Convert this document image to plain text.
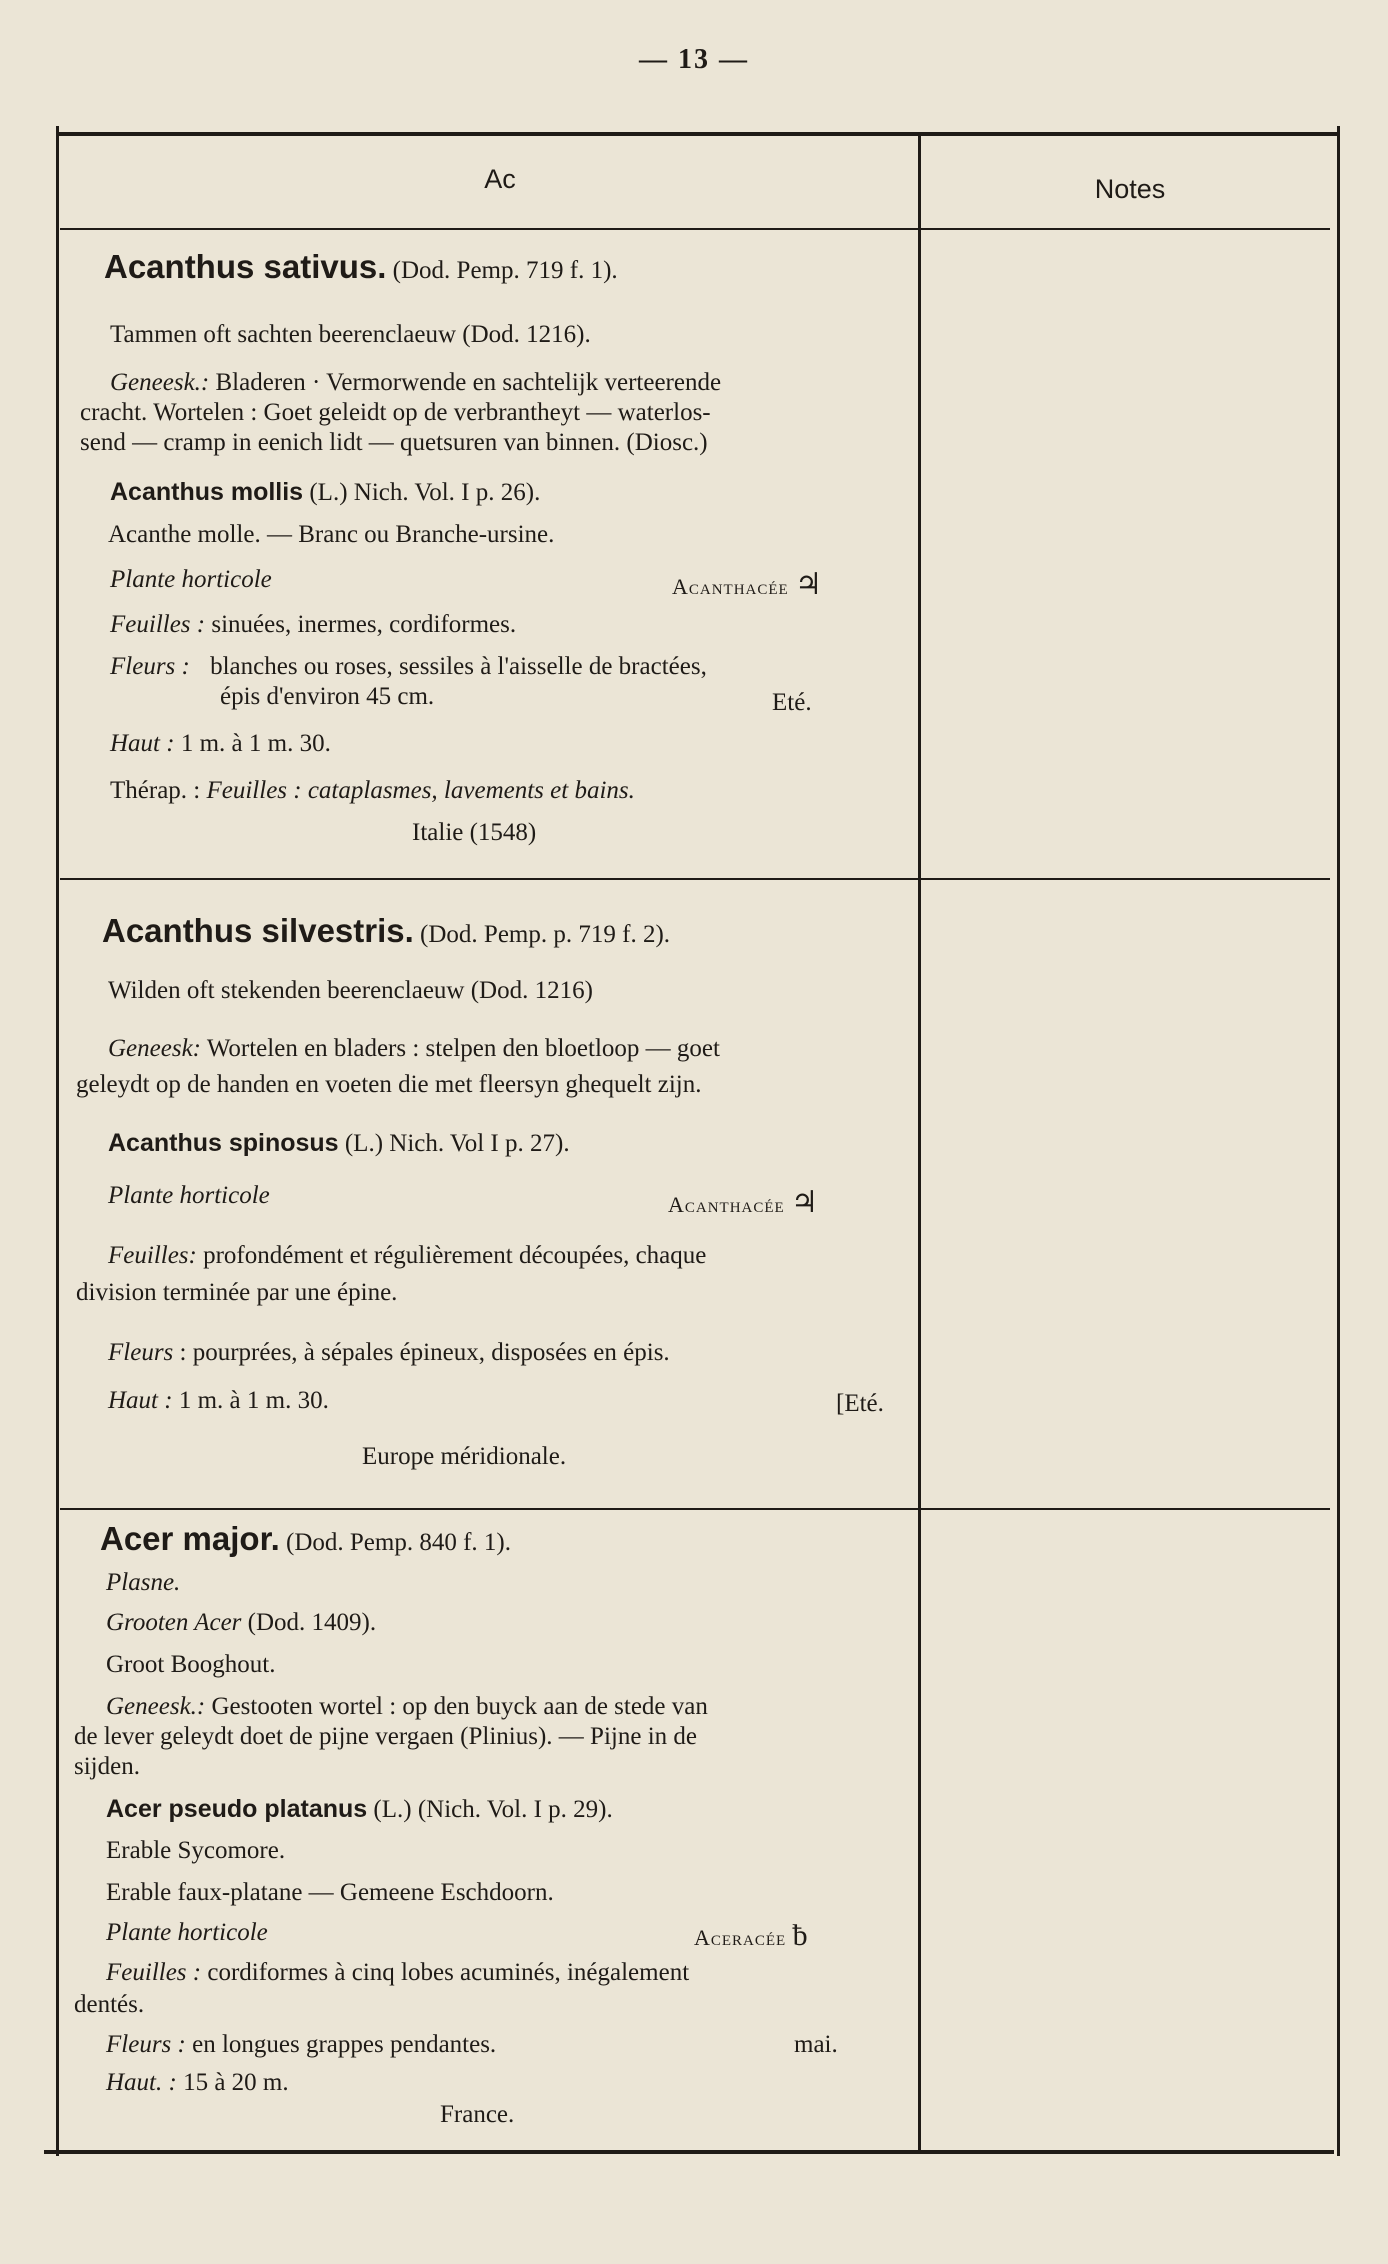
— 13 —
Ac	Notes
Acanthus sativus. (Dod. Pemp. 719 f. 1).
Tammen oft sachten beerenclaeuw (Dod. 1216).
Geneesk.: Bladeren · Vermorwende en sachtelijk verteerende
cracht. Wortelen : Goet geleidt op de verbrantheyt — waterlos-
send — cramp in eenich lidt — quetsuren van binnen. (Diosc.)
Acanthus mollis (L.) Nich. Vol. I p. 26).
Acanthe molle. — Branc ou Branche-ursine.
Plante horticole	Acanthacée ♃
Feuilles : sinuées, inermes, cordiformes.
Fleurs : blanches ou roses, sessiles à l'aisselle de bractées,
épis d'environ 45 cm.	Eté.
Haut : 1 m. à 1 m. 30.
Thérap. : Feuilles : cataplasmes, lavements et bains.
Italie (1548)
Acanthus silvestris. (Dod. Pemp. p. 719 f. 2).
Wilden oft stekenden beerenclaeuw (Dod. 1216)
Geneesk: Wortelen en bladers : stelpen den bloetloop — goet
geleydt op de handen en voeten die met fleersyn ghequelt zijn.
Acanthus spinosus (L.) Nich. Vol I p. 27).
Plante horticole	Acanthacée ♃
Feuilles: profondément et régulièrement découpées, chaque
division terminée par une épine.
Fleurs : pourprées, à sépales épineux, disposées en épis.
Haut : 1 m. à 1 m. 30.	[Eté.
Europe méridionale.
Acer major. (Dod. Pemp. 840 f. 1).
Plasne.
Grooten Acer (Dod. 1409).
Groot Booghout.
Geneesk.: Gestooten wortel : op den buyck aan de stede van
de lever geleydt doet de pijne vergaen (Plinius). — Pijne in de
sijden.
Acer pseudo platanus (L.) (Nich. Vol. I p. 29).
Erable Sycomore.
Erable faux-platane — Gemeene Eschdoorn.
Plante horticole	Aceracée ƀ
Feuilles : cordiformes à cinq lobes acuminés, inégalement
dentés.
Fleurs : en longues grappes pendantes.	mai.
Haut. : 15 à 20 m.
France.
